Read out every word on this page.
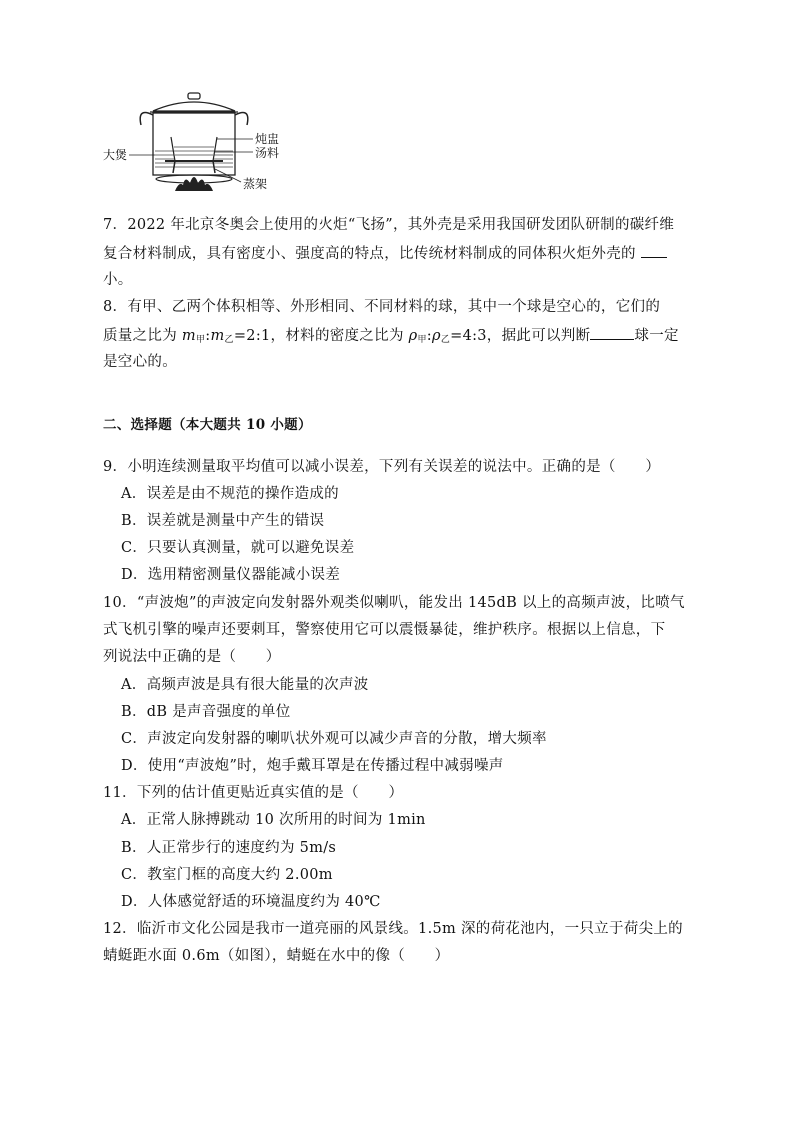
炖盅
汤料
大煲
蒸架
7．2022 年北京冬奥会上使用的火炬“飞扬”，其外壳是采用我国研发团队研制的碳纤维
复合材料制成，具有密度小、强度高的特点，比传统材料制成的同体积火炬外壳的
小。
8．有甲、乙两个体积相等、外形相同、不同材料的球，其中一个球是空心的，它们的
质量之比为 $m_甲:m_乙=2:1$，材料的密度之比为 $\rho_甲:\rho_乙=4:3$，据此可以判断	球一定
是空心的。
二、选择题（本大题共 10 小题）
9．小明连续测量取平均值可以减小误差，下列有关误差的说法中。正确的是（　　）
A．误差是由不规范的操作造成的
B．误差就是测量中产生的错误
C．只要认真测量，就可以避免误差
D．选用精密测量仪器能减小误差
10．“声波炮”的声波定向发射器外观类似喇叭，能发出 145dB 以上的高频声波，比喷气
式飞机引擎的噪声还要刺耳，警察使用它可以震慑暴徒，维护秩序。根据以上信息，下
列说法中正确的是（　　）
A．高频声波是具有很大能量的次声波
B．dB 是声音强度的单位
C．声波定向发射器的喇叭状外观可以减少声音的分散，增大频率
D．使用“声波炮”时，炮手戴耳罩是在传播过程中减弱噪声
11．下列的估计值更贴近真实值的是（　　）
A．正常人脉搏跳动 10 次所用的时间为 1min
B．人正常步行的速度约为 5m/s
C．教室门框的高度大约 2.00m
D．人体感觉舒适的环境温度约为 40℃
12．临沂市文化公园是我市一道亮丽的风景线。1.5m 深的荷花池内，一只立于荷尖上的
蜻蜓距水面 0.6m（如图），蜻蜓在水中的像（　　）
